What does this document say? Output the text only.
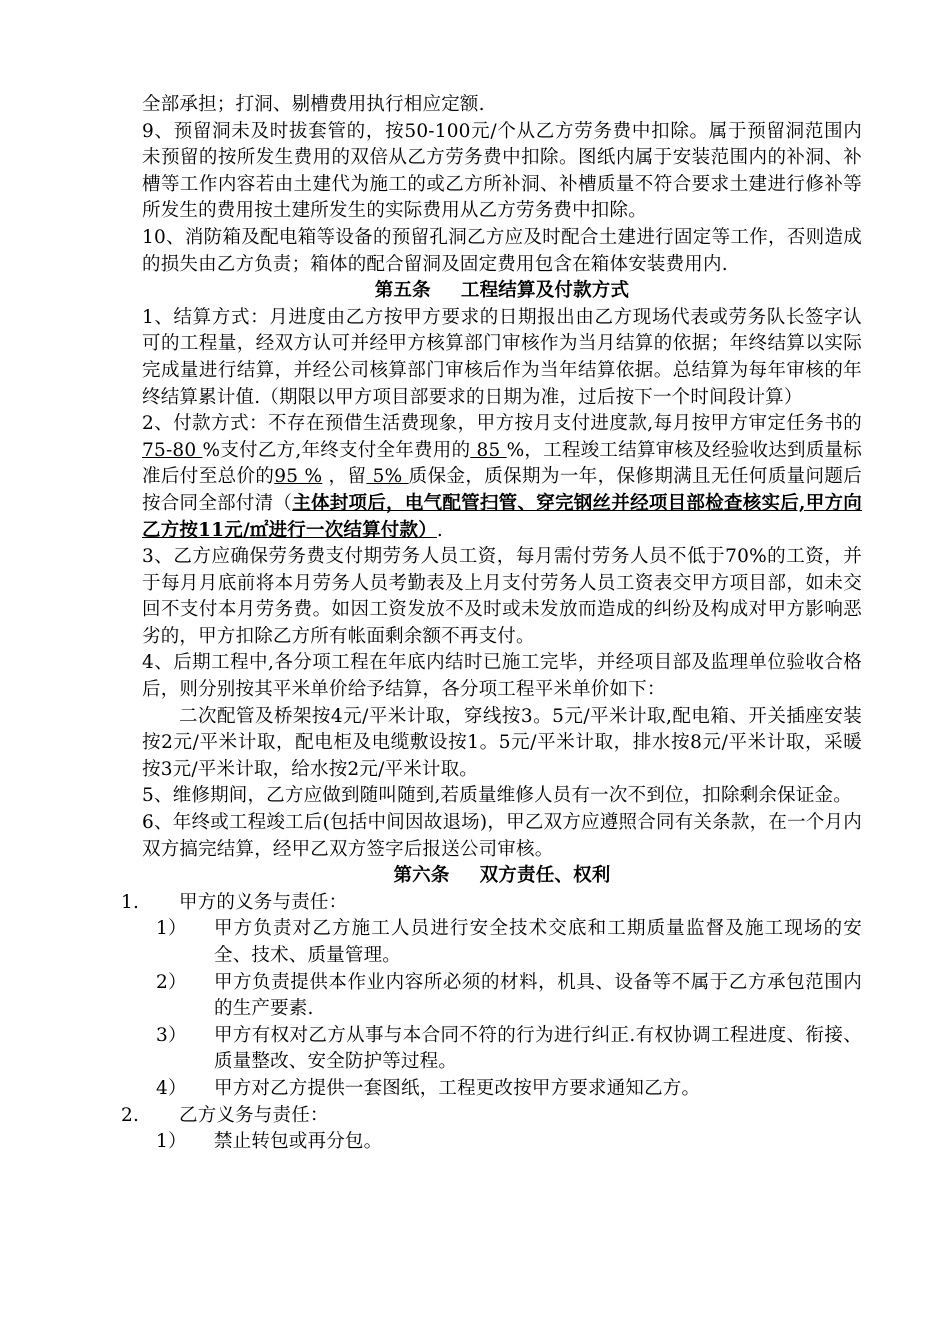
全部承担；打洞、剔槽费用执行相应定额.

9、预留洞未及时拔套管的，按50-100元/个从乙方劳务费中扣除。属于预留洞范围内未预留的按所发生费用的双倍从乙方劳务费中扣除。图纸内属于安装范围内的补洞、补槽等工作内容若由土建代为施工的或乙方所补洞、补槽质量不符合要求土建进行修补等所发生的费用按土建所发生的实际费用从乙方劳务费中扣除。

10、消防箱及配电箱等设备的预留孔洞乙方应及时配合土建进行固定等工作，否则造成的损失由乙方负责；箱体的配合留洞及固定费用包含在箱体安装费用内.

第五条 工程结算及付款方式

1、结算方式：月进度由乙方按甲方要求的日期报出由乙方现场代表或劳务队长签字认可的工程量，经双方认可并经甲方核算部门审核作为当月结算的依据；年终结算以实际完成量进行结算，并经公司核算部门审核后作为当年结算依据。总结算为每年审核的年终结算累计值.（期限以甲方项目部要求的日期为准，过后按下一个时间段计算）

2、付款方式：不存在预借生活费现象，甲方按月支付进度款,每月按甲方审定任务书的 75-80 %支付乙方,年终支付全年费用的 85 %，工程竣工结算审核及经验收达到质量标准后付至总价的95 % ，留 5% 质保金，质保期为一年，保修期满且无任何质量问题后按合同全部付清（主体封项后，电气配管扫管、穿完钢丝并经项目部检查核实后,甲方向乙方按11元/㎡进行一次结算付款）.

3、乙方应确保劳务费支付期劳务人员工资，每月需付劳务人员不低于70%的工资，并于每月月底前将本月劳务人员考勤表及上月支付劳务人员工资表交甲方项目部，如未交回不支付本月劳务费。如因工资发放不及时或未发放而造成的纠纷及构成对甲方影响恶劣的，甲方扣除乙方所有帐面剩余额不再支付。

4、后期工程中,各分项工程在年底内结时已施工完毕，并经项目部及监理单位验收合格后，则分别按其平米单价给予结算，各分项工程平米单价如下：

二次配管及桥架按4元/平米计取，穿线按3。5元/平米计取,配电箱、开关插座安装按2元/平米计取，配电柜及电缆敷设按1。5元/平米计取，排水按8元/平米计取，采暖按3元/平米计取，给水按2元/平米计取。

5、维修期间，乙方应做到随叫随到,若质量维修人员有一次不到位，扣除剩余保证金。

6、年终或工程竣工后(包括中间因故退场)，甲乙双方应遵照合同有关条款，在一个月内双方搞完结算，经甲乙双方签字后报送公司审核。

第六条 双方责任、权利

1.	甲方的义务与责任：
1）	甲方负责对乙方施工人员进行安全技术交底和工期质量监督及施工现场的安全、技术、质量管理。
2）	甲方负责提供本作业内容所必须的材料，机具、设备等不属于乙方承包范围内的生产要素.
3）	甲方有权对乙方从事与本合同不符的行为进行纠正.有权协调工程进度、衔接、质量整改、安全防护等过程。
4）	甲方对乙方提供一套图纸，工程更改按甲方要求通知乙方。
2.	乙方义务与责任：
1）	禁止转包或再分包。
